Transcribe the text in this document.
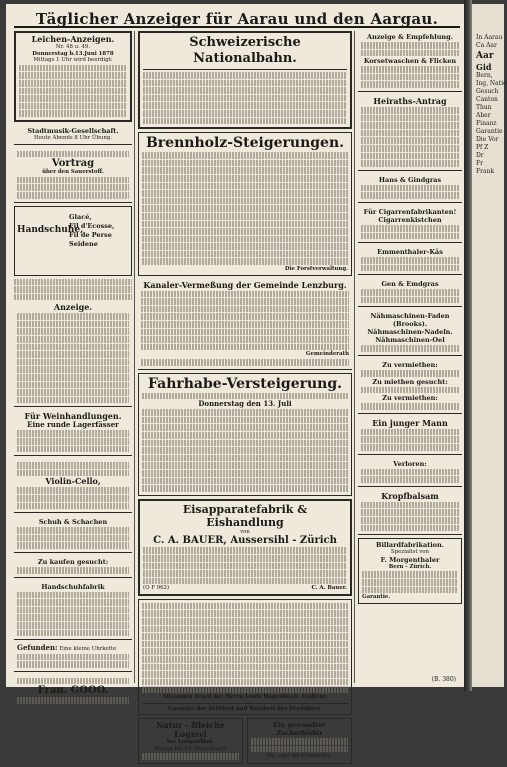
Täglicher Anzeiger für Aarau und den Aargau.
Leichen-Anzeigen.
Nr. 48 u. 49.
Donnerstag b.13.Juni 1878
Mittags 1 Uhr wird beerdigt:
Stadtmusik-Gesellschaft.
Heute Abends 8 Uhr Übung.
Vortrag
über den Sauerstoff.
Handschuhe,
Glacé,
Fil d'Ecosse,
Fil de Perse
Seidene
Anzeige.
Für Weinhandlungen.
Eine runde Lagerfässer
Violin-Cello,
Schuh & Schachen
Zu kaufen gesucht:
Handschuhfabrik
Gefunden: Eine kleine Uhrkette
Fran. GOOO.
Schweizerische Nationalbahn.
Brennholz-Steigerungen.
Die Forstverwaltung.
Kanaler-Vermeßung der Gemeinde Lenzburg.
Gemeinderath
Fahrhabe-Versteigerung.
Donnerstag den 13. Juli
Eisapparatefabrik & Eishandlung
von
C. A. BAUER, Aussersihl - Zürich
(O F 962)	C. A. Bauer.
Alleiniges Dépôt bei Herrn Louis Hagenbuch, Coiffeur.
Garantie der Ächtheit und Reinheit des Produktes.
Natur - Bleiche Logmyl
bei Langenthal.
Ablage bei Fr. Hagenbuch,
Ein gewandter Zuckerböder
Wo, sagt die Expedition.
Anzeige & Empfehlung.
Korsetwaschen & Flicken
Heiraths-Antrag
Hans & Gindgras
Für Cigarrenfabrikanten!
Cigarrenkistchen
Emmenthaler-Käs
Gen & Emdgras
Nähmaschinen-Faden (Brooks).
Nähmaschinen-Nadeln.
Nähmaschinen-Oel
Zu vermiethen:
Zu miethen gesucht:
Zu vermiethen:
Ein junger Mann
Verloren:
Kropfbalsam
Billardfabrikation.
Spezialist von
F. Morgenthaler
Bern - Zürich.
Garantie.
(B. 380)
In Aarau
Ca Aar
Aar
Gid
Bern,
Ing, Natio
Gesuch
Canton
Thun
Aber
Finanz
Garantie
Die Vor
Pf Z
Dr
Fr
Frank
